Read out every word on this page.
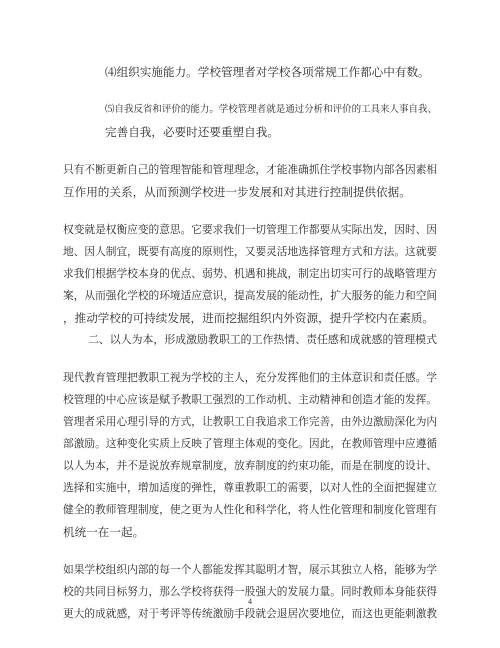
⑷组织实施能力。学校管理者对学校各项常规工作都心中有数。
⑸自我反省和评价的能力。学校管理者就是通过分析和评价的工具来人事自我、
完善自我，必要时还要重塑自我。
只有不断更新自己的管理智能和管理理念，才能准确抓住学校事物内部各因素相
互作用的关系，从而预测学校进一步发展和对其进行控制提供依据。
权变就是权衡应变的意思。它要求我们一切管理工作都要从实际出发，因时、因
地、因人制宜，既要有高度的原则性，又要灵活地选择管理方式和方法。这就要
求我们根据学校本身的优点、弱势、机遇和挑战，制定出切实可行的战略管理方
案，从而强化学校的环境适应意识，提高发展的能动性，扩大服务的能力和空间
，推动学校的可持续发展，进而挖掘组织内外资源，提升学校内在素质。
二、以人为本，形成激励教职工的工作热情、责任感和成就感的管理模式
现代教育管理把教职工视为学校的主人，充分发挥他们的主体意识和责任感。学
校管理的中心应该是赋予教职工强烈的工作动机、主动精神和创造才能的发挥。
管理者采用心理引导的方式，让教职工自我追求工作完善，由外边激励深化为内
部激励。这种变化实质上反映了管理主体观的变化。因此，在教师管理中应遵循
以人为本，并不是说放弃规章制度，放弃制度的约束功能，而是在制度的设计、
选择和实施中，增加适度的弹性，尊重教职工的需要，以对人性的全面把握建立
健全的教师管理制度，使之更为人性化和科学化，将人性化管理和制度化管理有
机统一在一起。
如果学校组织内部的每一个人都能发挥其聪明才智，展示其独立人格，能够为学
校的共同目标努力，那么学校将获得一股强大的发展力量。同时教师本身能获得
更大的成就感，对于考评等传统激励手段就会退居次要地位，而这也更能刺激教
4
